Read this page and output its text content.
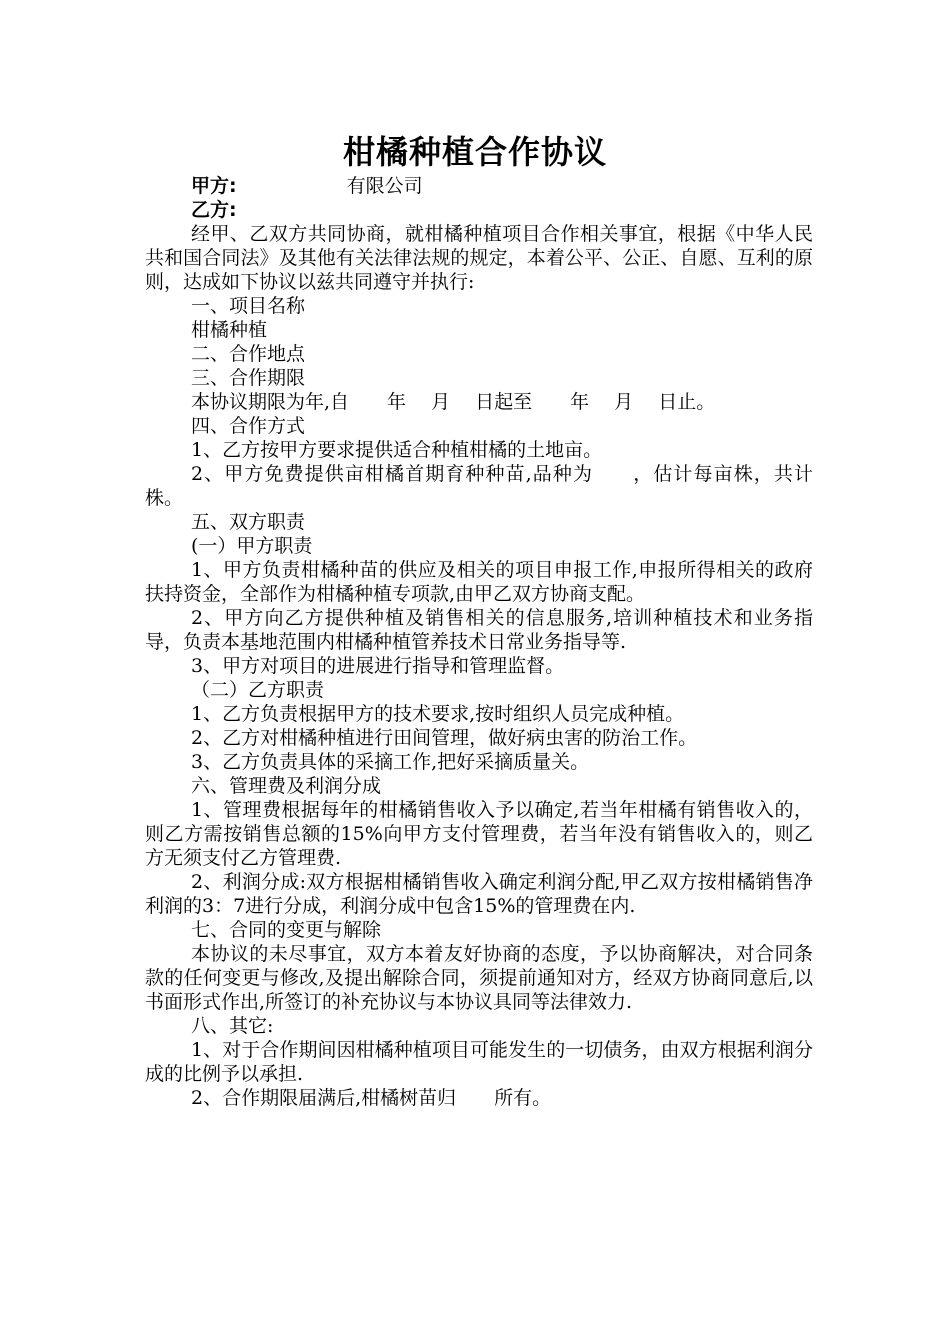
柑橘种植合作协议

甲方:	有限公司

乙方:

经甲、乙双方共同协商，就柑橘种植项目合作相关事宜，根据《中华人民共和国合同法》及其他有关法律法规的规定，本着公平、公正、自愿、互利的原则，达成如下协议以兹共同遵守并执行:

一、项目名称

柑橘种植

二、合作地点

三、合作期限

本协议期限为年,自　　年　 月　 日起至　　年　 月　 日止。

四、合作方式

1、乙方按甲方要求提供适合种植柑橘的土地亩。

2、甲方免费提供亩柑橘首期育种种苗,品种为　　，估计每亩株，共计　　株。

五、双方职责

(一）甲方职责

1、甲方负责柑橘种苗的供应及相关的项目申报工作,申报所得相关的政府扶持资金，全部作为柑橘种植专项款,由甲乙双方协商支配。

2、甲方向乙方提供种植及销售相关的信息服务,培训种植技术和业务指导，负责本基地范围内柑橘种植管养技术日常业务指导等.

3、甲方对项目的进展进行指导和管理监督。

（二）乙方职责

1、乙方负责根据甲方的技术要求,按时组织人员完成种植。

2、乙方对柑橘种植进行田间管理，做好病虫害的防治工作。

3、乙方负责具体的采摘工作,把好采摘质量关。

六、管理费及利润分成

1、管理费根据每年的柑橘销售收入予以确定,若当年柑橘有销售收入的，则乙方需按销售总额的15%向甲方支付管理费，若当年没有销售收入的，则乙方无须支付乙方管理费.

2、利润分成:双方根据柑橘销售收入确定利润分配,甲乙双方按柑橘销售净利润的3：7进行分成，利润分成中包含15%的管理费在内.

七、合同的变更与解除

本协议的未尽事宜，双方本着友好协商的态度，予以协商解决，对合同条款的任何变更与修改,及提出解除合同，须提前通知对方，经双方协商同意后,以书面形式作出,所签订的补充协议与本协议具同等法律效力.

八、其它:

1、对于合作期间因柑橘种植项目可能发生的一切债务，由双方根据利润分成的比例予以承担.

2、合作期限届满后,柑橘树苗归　　所有。
